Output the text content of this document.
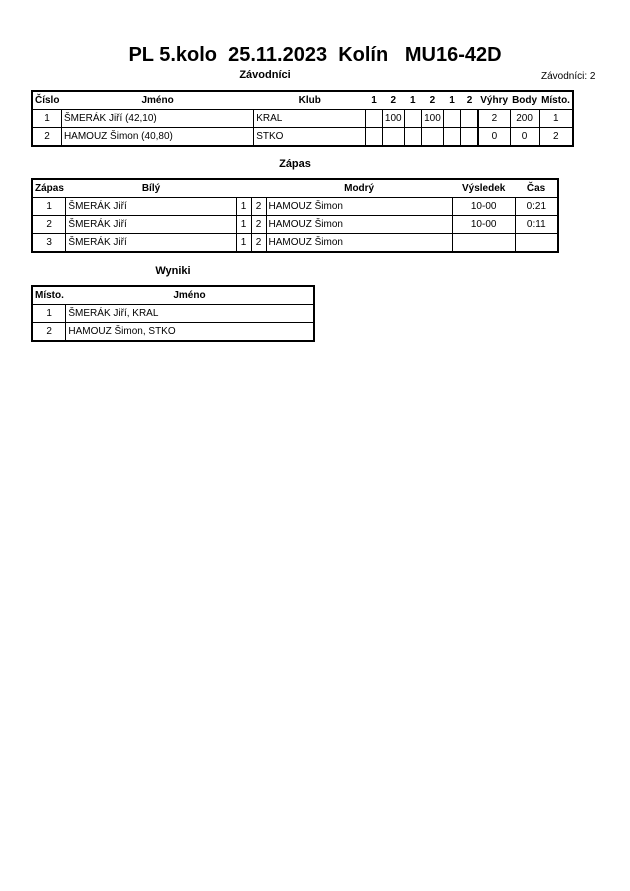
PL 5.kolo  25.11.2023  Kolín   MU16-42D
Závodníci	Závodníci: 2
Číslo	Jméno	Klub	1	2	1	2	1	2	Výhry	Body	Místo.
1	ŠMERÁK Jiří (42,10)	KRAL		100		100			2	200	1
2	HAMOUZ Šimon (40,80)	STKO							0	0	2
Zápas
Zápas	Bílý			Modrý	Výsledek	Čas
1	ŠMERÁK Jiří	1	2	HAMOUZ Šimon	10-00	0:21
2	ŠMERÁK Jiří	1	2	HAMOUZ Šimon	10-00	0:11
3	ŠMERÁK Jiří	1	2	HAMOUZ Šimon		
Wyniki
Místo.	Jméno
1	ŠMERÁK Jiří, KRAL
2	HAMOUZ Šimon, STKO
